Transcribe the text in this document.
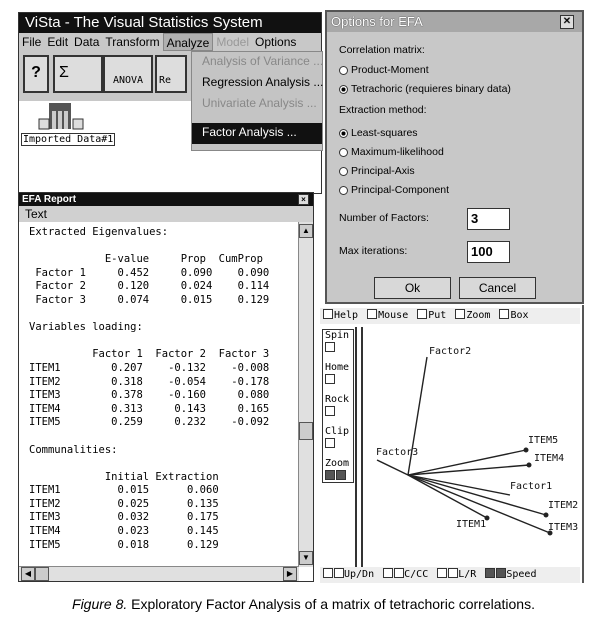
ViSta - The Visual Statistics System
File Edit Data Transform Analyze Model Options
?	Σ	ANOVA	Re
Imported Data#1
Analysis of Variance ...
Regression Analysis ...
Univariate Analysis ...
Factor Analysis ...
EFA Report	×
Text
Extracted Eigenvalues:

E-value     Prop  CumProp
Factor 1     0.452     0.090    0.090
Factor 2     0.120     0.024    0.114
Factor 3     0.074     0.015    0.129

Variables loading:

Factor 1  Factor 2  Factor 3
ITEM1        0.207    -0.132    -0.008
ITEM2        0.318    -0.054    -0.178
ITEM3        0.378    -0.160     0.080
ITEM4        0.313     0.143     0.165
ITEM5        0.259     0.232    -0.092

Communalities:

Initial Extraction
ITEM1         0.015      0.060
ITEM2         0.025      0.135
ITEM3         0.032      0.175
ITEM4         0.023      0.145
ITEM5         0.018      0.129

▲
▼
◀	▶
Options for EFA	✕
Correlation matrix:
Product-Moment
Tetrachoric (requieres binary data)
Extraction method:
Least-squares
Maximum-likelihood
Principal-Axis
Principal-Component
Number of Factors:	3
Max iterations:	100
Ok	Cancel
Help Mouse Put Zoom Box
Spin

Home

Rock

Clip

Zoom

Factor2
Factor3
Factor1
ITEM5
ITEM4
ITEM2
ITEM3
ITEM1
Up/Dn	C/CC	L/R	Speed
Figure 8. Exploratory Factor Analysis of a matrix of tetrachoric correlations.
